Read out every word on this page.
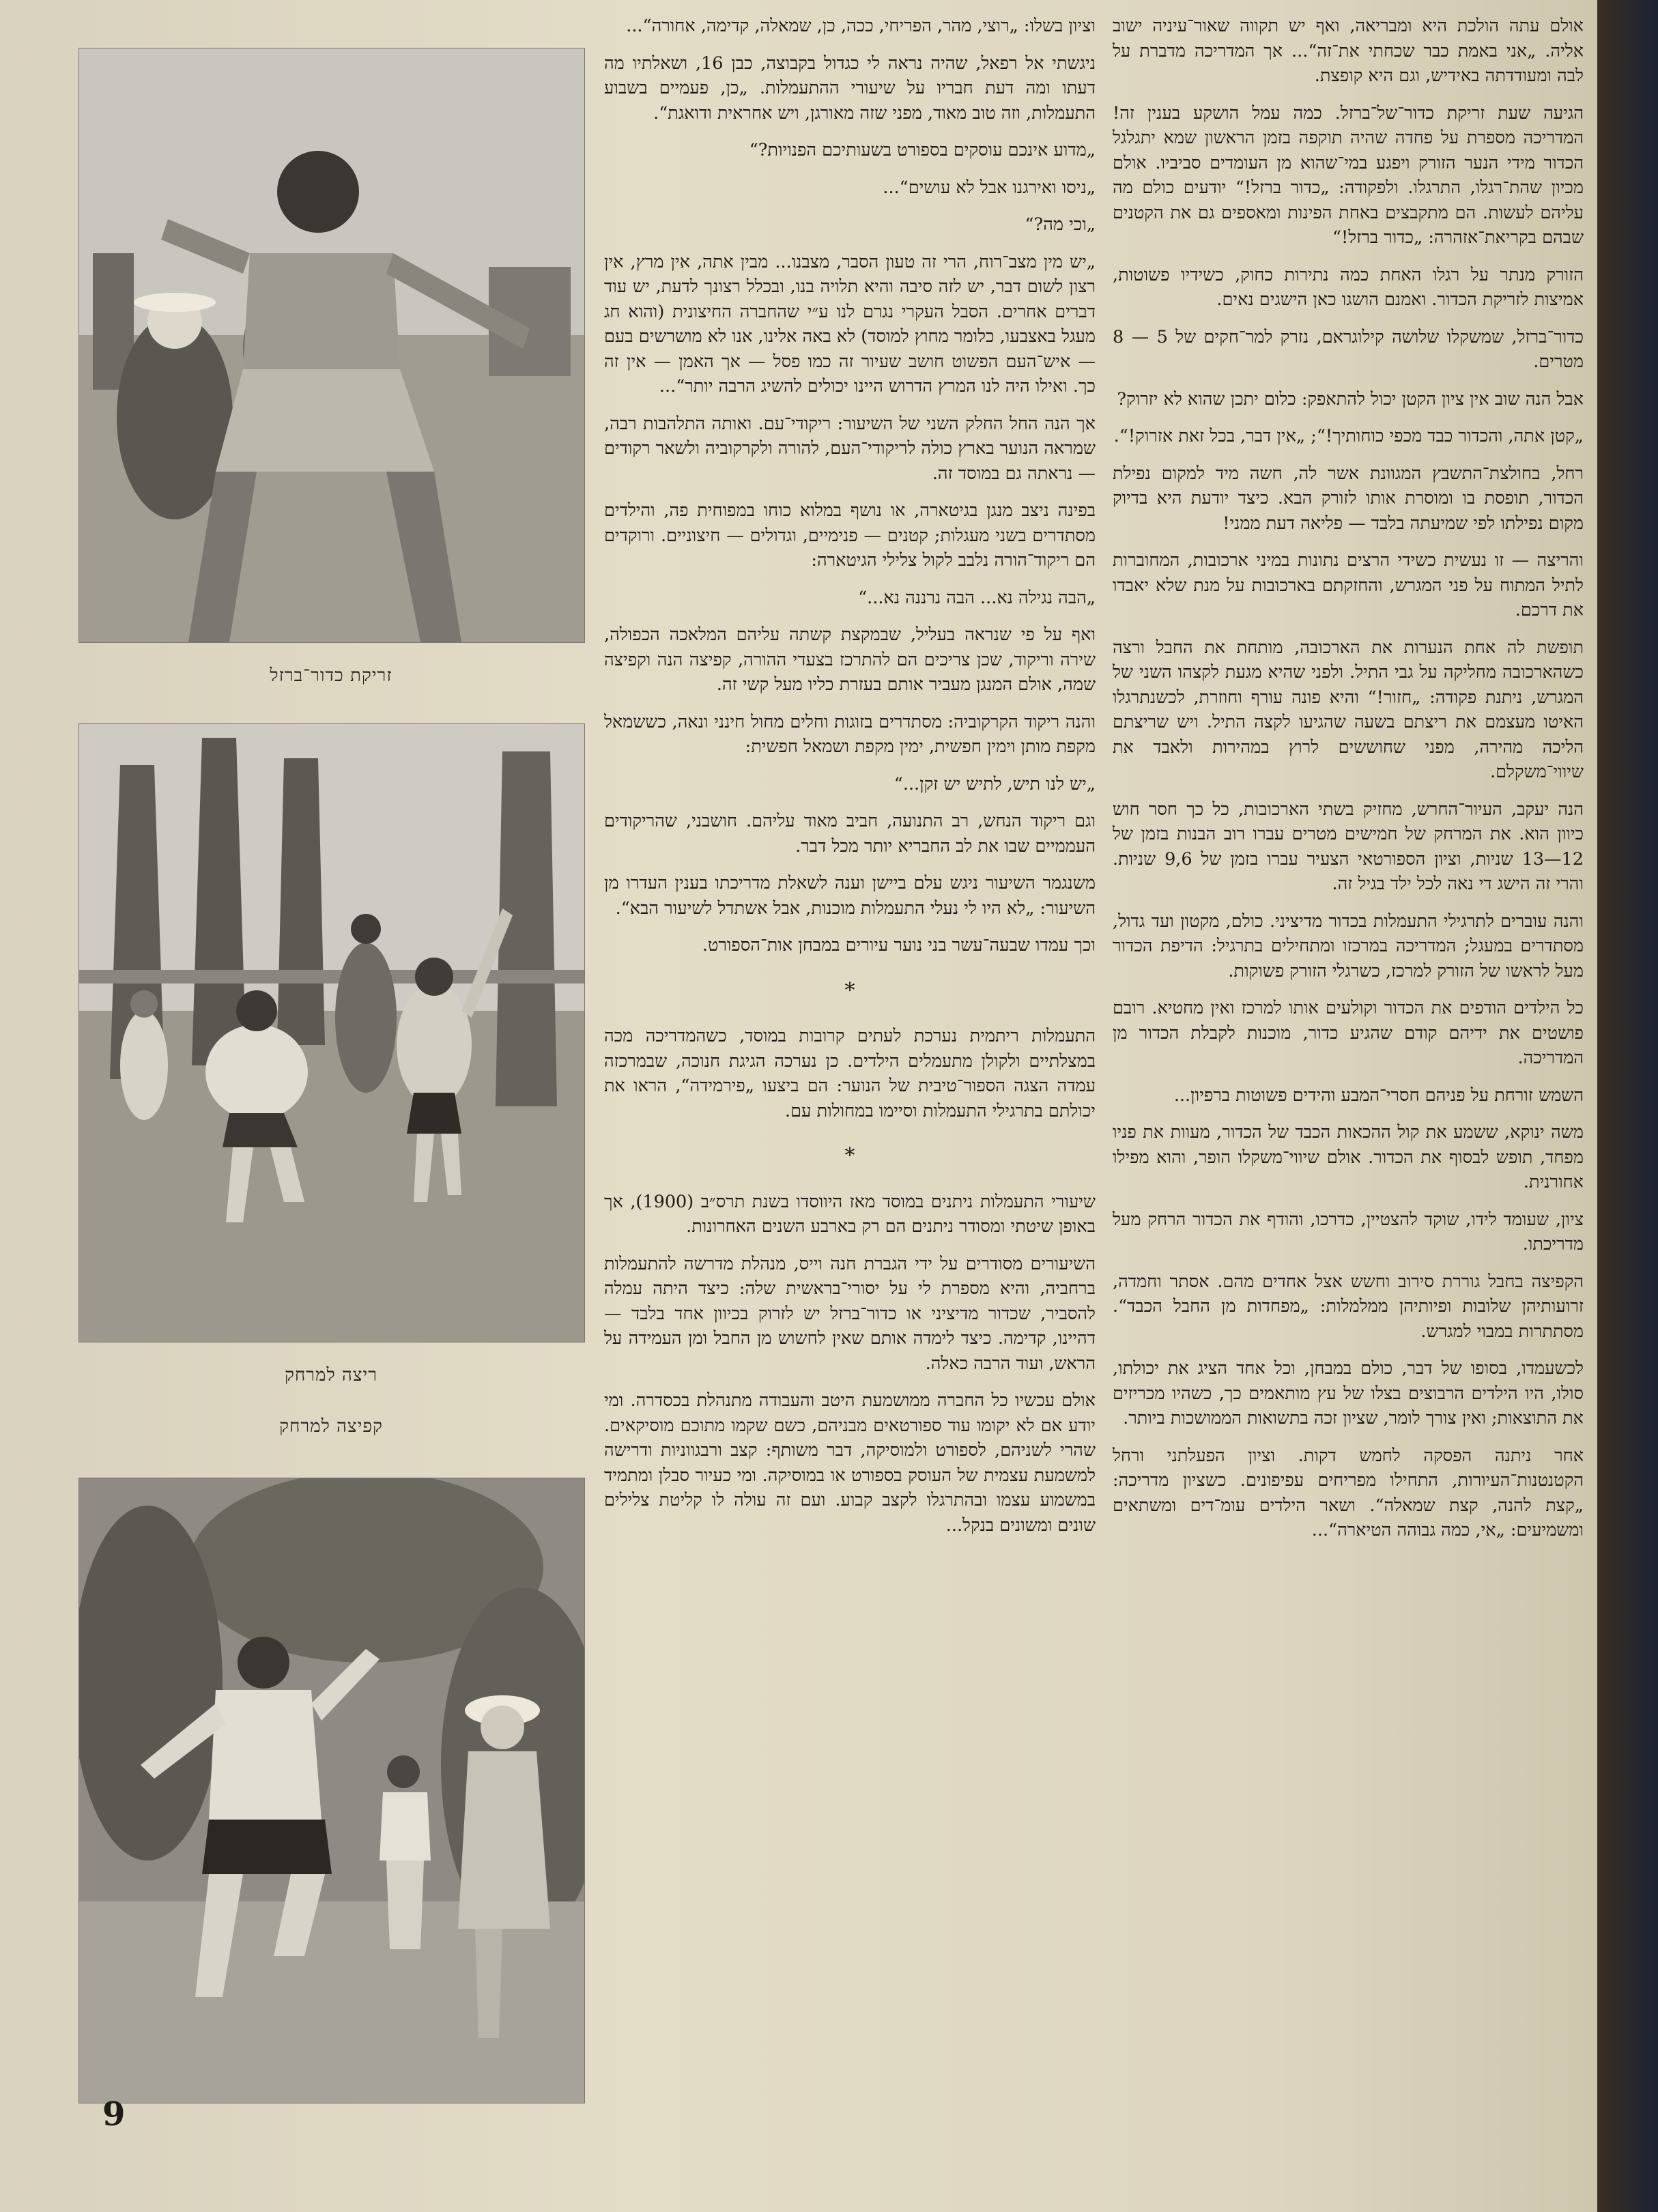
זריקת כדור־ברזל
ריצה למרחק
קפיצה למרחק

וציון בשלו: „רוצי, מהר, הפריחי, ככה, כן, שמאלה, קדימה, אחורה“...

ניגשתי אל רפאל, שהיה נראה לי כגדול בקבוצה, כבן 16, ושאלתיו מה דעתו ומה דעת חבריו על שיעורי ההתעמלות. „כן, פעמיים בשבוע התעמלות, וזה טוב מאוד, מפני שזה מאורגן, ויש אחראית ודואגת“.

„מדוע אינכם עוסקים בספורט בשעותיכם הפנויות?“

„ניסו ואירגנו אבל לא עושים“...

„וכי מה?“

„יש מין מצב־רוח, הרי זה טעון הסבר, מצבנו... מבין אתה, אין מרץ, אין רצון לשום דבר, יש לזה סיבה והיא תלויה בנו, ובכלל רצונך לדעת, יש עוד דברים אחרים. הסבל העקרי נגרם לנו ע״י שהחברה החיצונית (והוא חג מעגל באצבעו, כלומר מחוץ למוסד) לא באה אלינו, אנו לא מושרשים בעם — איש־העם הפשוט חושב שעיור זה כמו פסל — אך האמן — אין זה כך. ואילו היה לנו המרץ הדרוש היינו יכולים להשיג הרבה יותר“...

אך הנה החל החלק השני של השיעור: ריקודי־עם. ואותה התלהבות רבה, שמראה הנוער בארץ כולה לריקודי־העם, להורה ולקרקוביה ולשאר רקודים — נראתה גם במוסד זה.

בפינה ניצב מנגן בגיטארה, או נושף במלוא כוחו במפוחית פה, והילדים מסתדרים בשני מעגלות; קטנים — פנימיים, וגדולים — חיצוניים. ורוקדים הם ריקוד־הורה נלבב לקול צלילי הגיטארה:

„הבה נגילה נא... הבה נרננה נא...“

ואף על פי שנראה בעליל, שבמקצת קשתה עליהם המלאכה הכפולה, שירה וריקוד, שכן צריכים הם להתרכז בצעדי ההורה, קפיצה הנה וקפיצה שמה, אולם המנגן מעביר אותם בעזרת כליו מעל קשי זה.

והנה ריקוד הקרקוביה: מסתדרים בזוגות וחלים מחול חינני ונאה, כששמאל מקפת מותן וימין חפשית, ימין מקפת ושמאל חפשית:

„יש לנו תיש, לתיש יש זקן...“

וגם ריקוד הנחש, רב התנועה, חביב מאוד עליהם. חושבני, שהריקודים העממיים שבו את לב החבריא יותר מכל דבר.

משנגמר השיעור ניגש עלם ביישן וענה לשאלת מדריכתו בענין העדרו מן השיעור: „לא היו לי נעלי התעמלות מוכנות, אבל אשתדל לשיעור הבא“.

וכך עמדו שבעה־עשר בני נוער עיורים במבחן אות־הספורט.

*

התעמלות ריתמית נערכת לעתים קרובות במוסד, כשהמדריכה מכה במצלתיים ולקולן מתעמלים הילדים. כן נערכה הגיגת חנוכה, שבמרכזה עמדה הצגה הספור־טיבית של הנוער: הם ביצעו „פירמידה“, הראו את יכולתם בתרגילי התעמלות וסיימו במחולות עם.

*

שיעורי התעמלות ניתנים במוסד מאז היווסדו בשנת תרס״ב (1900), אך באופן שיטתי ומסודר ניתנים הם רק בארבע השנים האחרונות.

השיעורים מסודרים על ידי הגברת חנה וייס, מנהלת מדרשה להתעמלות ברחביה, והיא מספרת לי על יסורי־בראשית שלה: כיצד היתה עמלה להסביר, שכדור מדיציני או כדור־ברזל יש לזרוק בכיוון אחד בלבד — דהיינו, קדימה. כיצד לימדה אותם שאין לחשוש מן החבל ומן העמידה על הראש, ועוד הרבה כאלה.

אולם עכשיו כל החברה ממושמעת היטב והעבודה מתנהלת בכסדרה. ומי יודע אם לא יקומו עוד ספורטאים מבניהם, כשם שקמו מתוכם מוסיקאים. שהרי לשניהם, לספורט ולמוסיקה, דבר משותף: קצב ורבגווניות ודרישה למשמעת עצמית של העוסק בספורט או במוסיקה. ומי כעיור סבלן ומתמיד במשמוע עצמו ובהתרגלו לקצב קבוע. ועם זה עולה לו קליטת צלילים שונים ומשונים בנקל...

אולם עתה הולכת היא ומבריאה, ואף יש תקווה שאור־עיניה ישוב אליה. „אני באמת כבר שכחתי את־זה“... אך המדריכה מדברת על לבה ומעודדתה באידיש, וגם היא קופצת.

הגיעה שעת זריקת כדור־של־ברזל. כמה עמל הושקע בענין זה! המדריכה מספרת על פחדה שהיה תוקפה בזמן הראשון שמא יתגלגל הכדור מידי הנער הזורק ויפגע במי־שהוא מן העומדים סביביו. אולם מכיון שהת־רגלו, התרגלו. ולפקודה: „כדור ברזל!“ יודעים כולם מה עליהם לעשות. הם מתקבצים באחת הפינות ומאספים גם את הקטנים שבהם בקריאת־אזהרה: „כדור ברזל!“

הזורק מנתר על רגלו האחת כמה נתירות כחוק, כשידיו פשוטות, אמיצות לזריקת הכדור. ואמנם הושגו כאן הישגים נאים.

כדור־ברזל, שמשקלו שלושה קילוגראם, נזרק למר־חקים של 5 — 8 מטרים.

אבל הנה שוב אין ציון הקטן יכול להתאפק: כלום יתכן שהוא לא יזרוק?

„קטן אתה, והכדור כבד מכפי כוחותיך!“; „אין דבר, בכל זאת אזרוק!“.

רחל, בחולצת־התשבץ המגוונת אשר לה, חשה מיד למקום נפילת הכדור, תופסת בו ומוסרת אותו לזורק הבא. כיצד יודעת היא בדיוק מקום נפילתו לפי שמיעתה בלבד — פליאה דעת ממני!

והריצה — זו נעשית כשידי הרצים נתונות במיני ארכובות, המחוברות לתיל המתוח על פני המגרש, והחזקתם בארכובות על מנת שלא יאבדו את דרכם.

תופשת לה אחת הנערות את הארכובה, מותחת את החבל ורצה כשהארכובה מחליקה על גבי התיל. ולפני שהיא מגעת לקצהו השני של המגרש, ניתנת פקודה: „חזור!“ והיא פונה עורף וחוזרת, לכשנתרגלו האיטו מעצמם את ריצתם בשעה שהגיעו לקצה התיל. ויש שריצתם הליכה מהירה, מפני שחוששים לרוץ במהירות ולאבד את שיווי־משקלם.

הנה יעקב, העיור־החרש, מחזיק בשתי הארכובות, כל כך חסר חוש כיוון הוא. את המרחק של חמישים מטרים עברו רוב הבנות בזמן של 12—13 שניות, וציון הספורטאי הצעיר עברו בזמן של 9,6 שניות. והרי זה הישג די נאה לכל ילד בגיל זה.

והנה עוברים לתרגילי התעמלות בכדור מדיציני. כולם, מקטון ועד גדול, מסתדרים במעגל; המדריכה במרכזו ומתחילים בתרגיל: הדיפת הכדור מעל לראשו של הזורק למרכז, כשרגלי הזורק פשוקות.

כל הילדים הודפים את הכדור וקולעים אותו למרכז ואין מחטיא. רובם פושטים את ידיהם קודם שהגיע כדור, מוכנות לקבלת הכדור מן המדריכה.

השמש זורחת על פניהם חסרי־המבע והידים פשוטות ברפיון...

משה ינוקא, ששמע את קול ההכאות הכבד של הכדור, מעוות את פניו מפחד, תופש לבסוף את הכדור. אולם שיווי־משקלו הופר, והוא מפילו אחורנית.

ציון, שעומד לידו, שוקד להצטיין, כדרכו, והודף את הכדור הרחק מעל מדריכתו.

הקפיצה בחבל גוררת סירוב וחשש אצל אחדים מהם. אסתר וחמדה, זרועותיהן שלובות ופיותיהן ממלמלות: „מפחדות מן החבל הכבד“. מסתתרות במבוי למגרש.

לכשעמדו, בסופו של דבר, כולם במבחן, וכל אחד הציג את יכולתו, סולו, היו הילדים הרבוצים בצלו של עץ מותאמים כך, כשהיו מכריזים את התוצאות; ואין צורך לומר, שציון זכה בתשואות הממושכות ביותר.

אחר ניתנה הפסקה לחמש דקות. וציון הפעלתני ורחל הקטנטנות־העיורות, התחילו מפריחים עפיפונים. כשציון מדריכה: „קצת להנה, קצת שמאלה“. ושאר הילדים עומ־דים ומשתאים ומשמיעים: „אי, כמה גבוהה הטיארה“...

9
